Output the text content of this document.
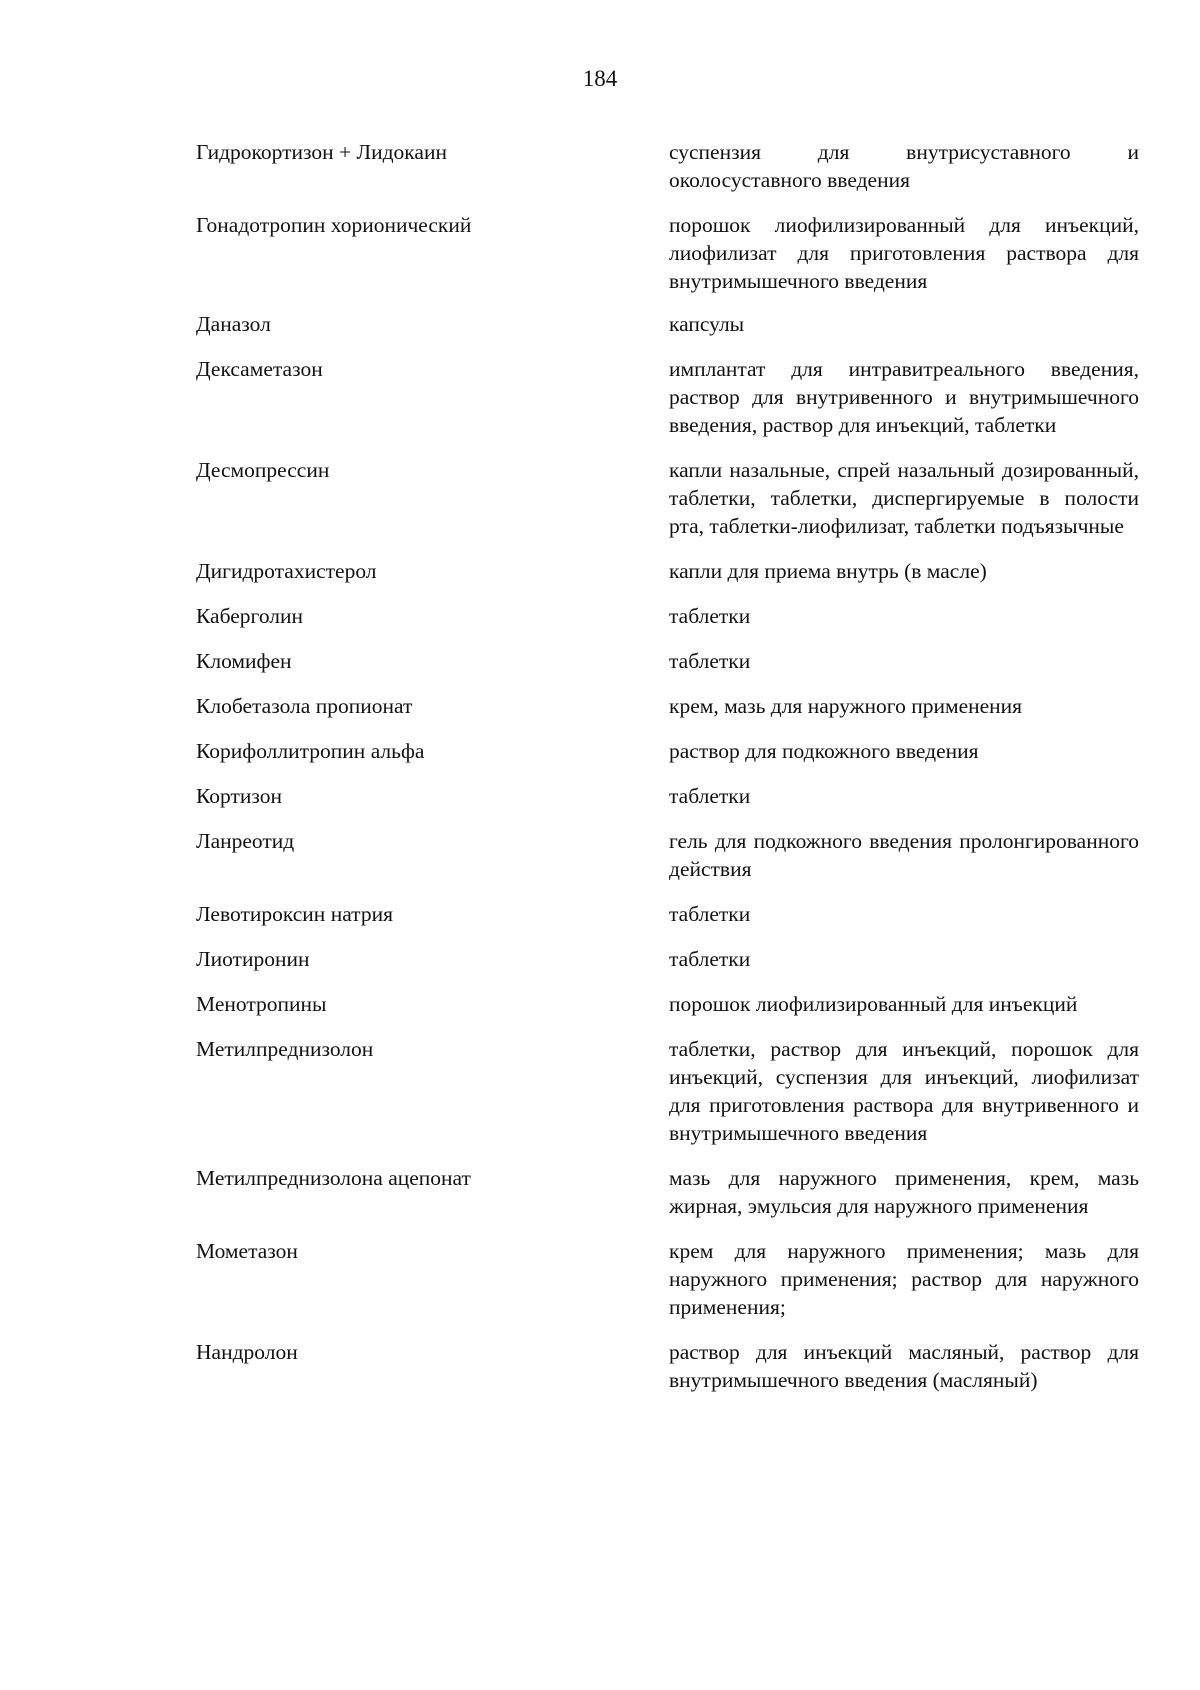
184
Гидрокортизон + Лидокаин	суспензия для внутрисуставного и околосуставного введения
Гонадотропин хорионический	порошок лиофилизированный для инъекций, лиофилизат для приготовления раствора для внутримышечного введения
Даназол	капсулы
Дексаметазон	имплантат для интравитреального введения, раствор для внутривенного и внутримышечного введения, раствор для инъекций, таблетки
Десмопрессин	капли назальные, спрей назальный дозированный, таблетки, таблетки, диспергируемые в полости рта, таблетки-лиофилизат, таблетки подъязычные
Дигидротахистерол	капли для приема внутрь (в масле)
Каберголин	таблетки
Кломифен	таблетки
Клобетазола пропионат	крем, мазь для наружного применения
Корифоллитропин альфа	раствор для подкожного введения
Кортизон	таблетки
Ланреотид	гель для подкожного введения пролонгированного действия
Левотироксин натрия	таблетки
Лиотиронин	таблетки
Менотропины	порошок лиофилизированный для инъекций
Метилпреднизолон	таблетки, раствор для инъекций, порошок для инъекций, суспензия для инъекций, лиофилизат для приготовления раствора для внутривенного и внутримышечного введения
Метилпреднизолона ацепонат	мазь для наружного применения, крем, мазь жирная, эмульсия для наружного применения
Мометазон	крем для наружного применения; мазь для наружного применения; раствор для наружного применения;
Нандролон	раствор для инъекций масляный, раствор для внутримышечного введения (масляный)
